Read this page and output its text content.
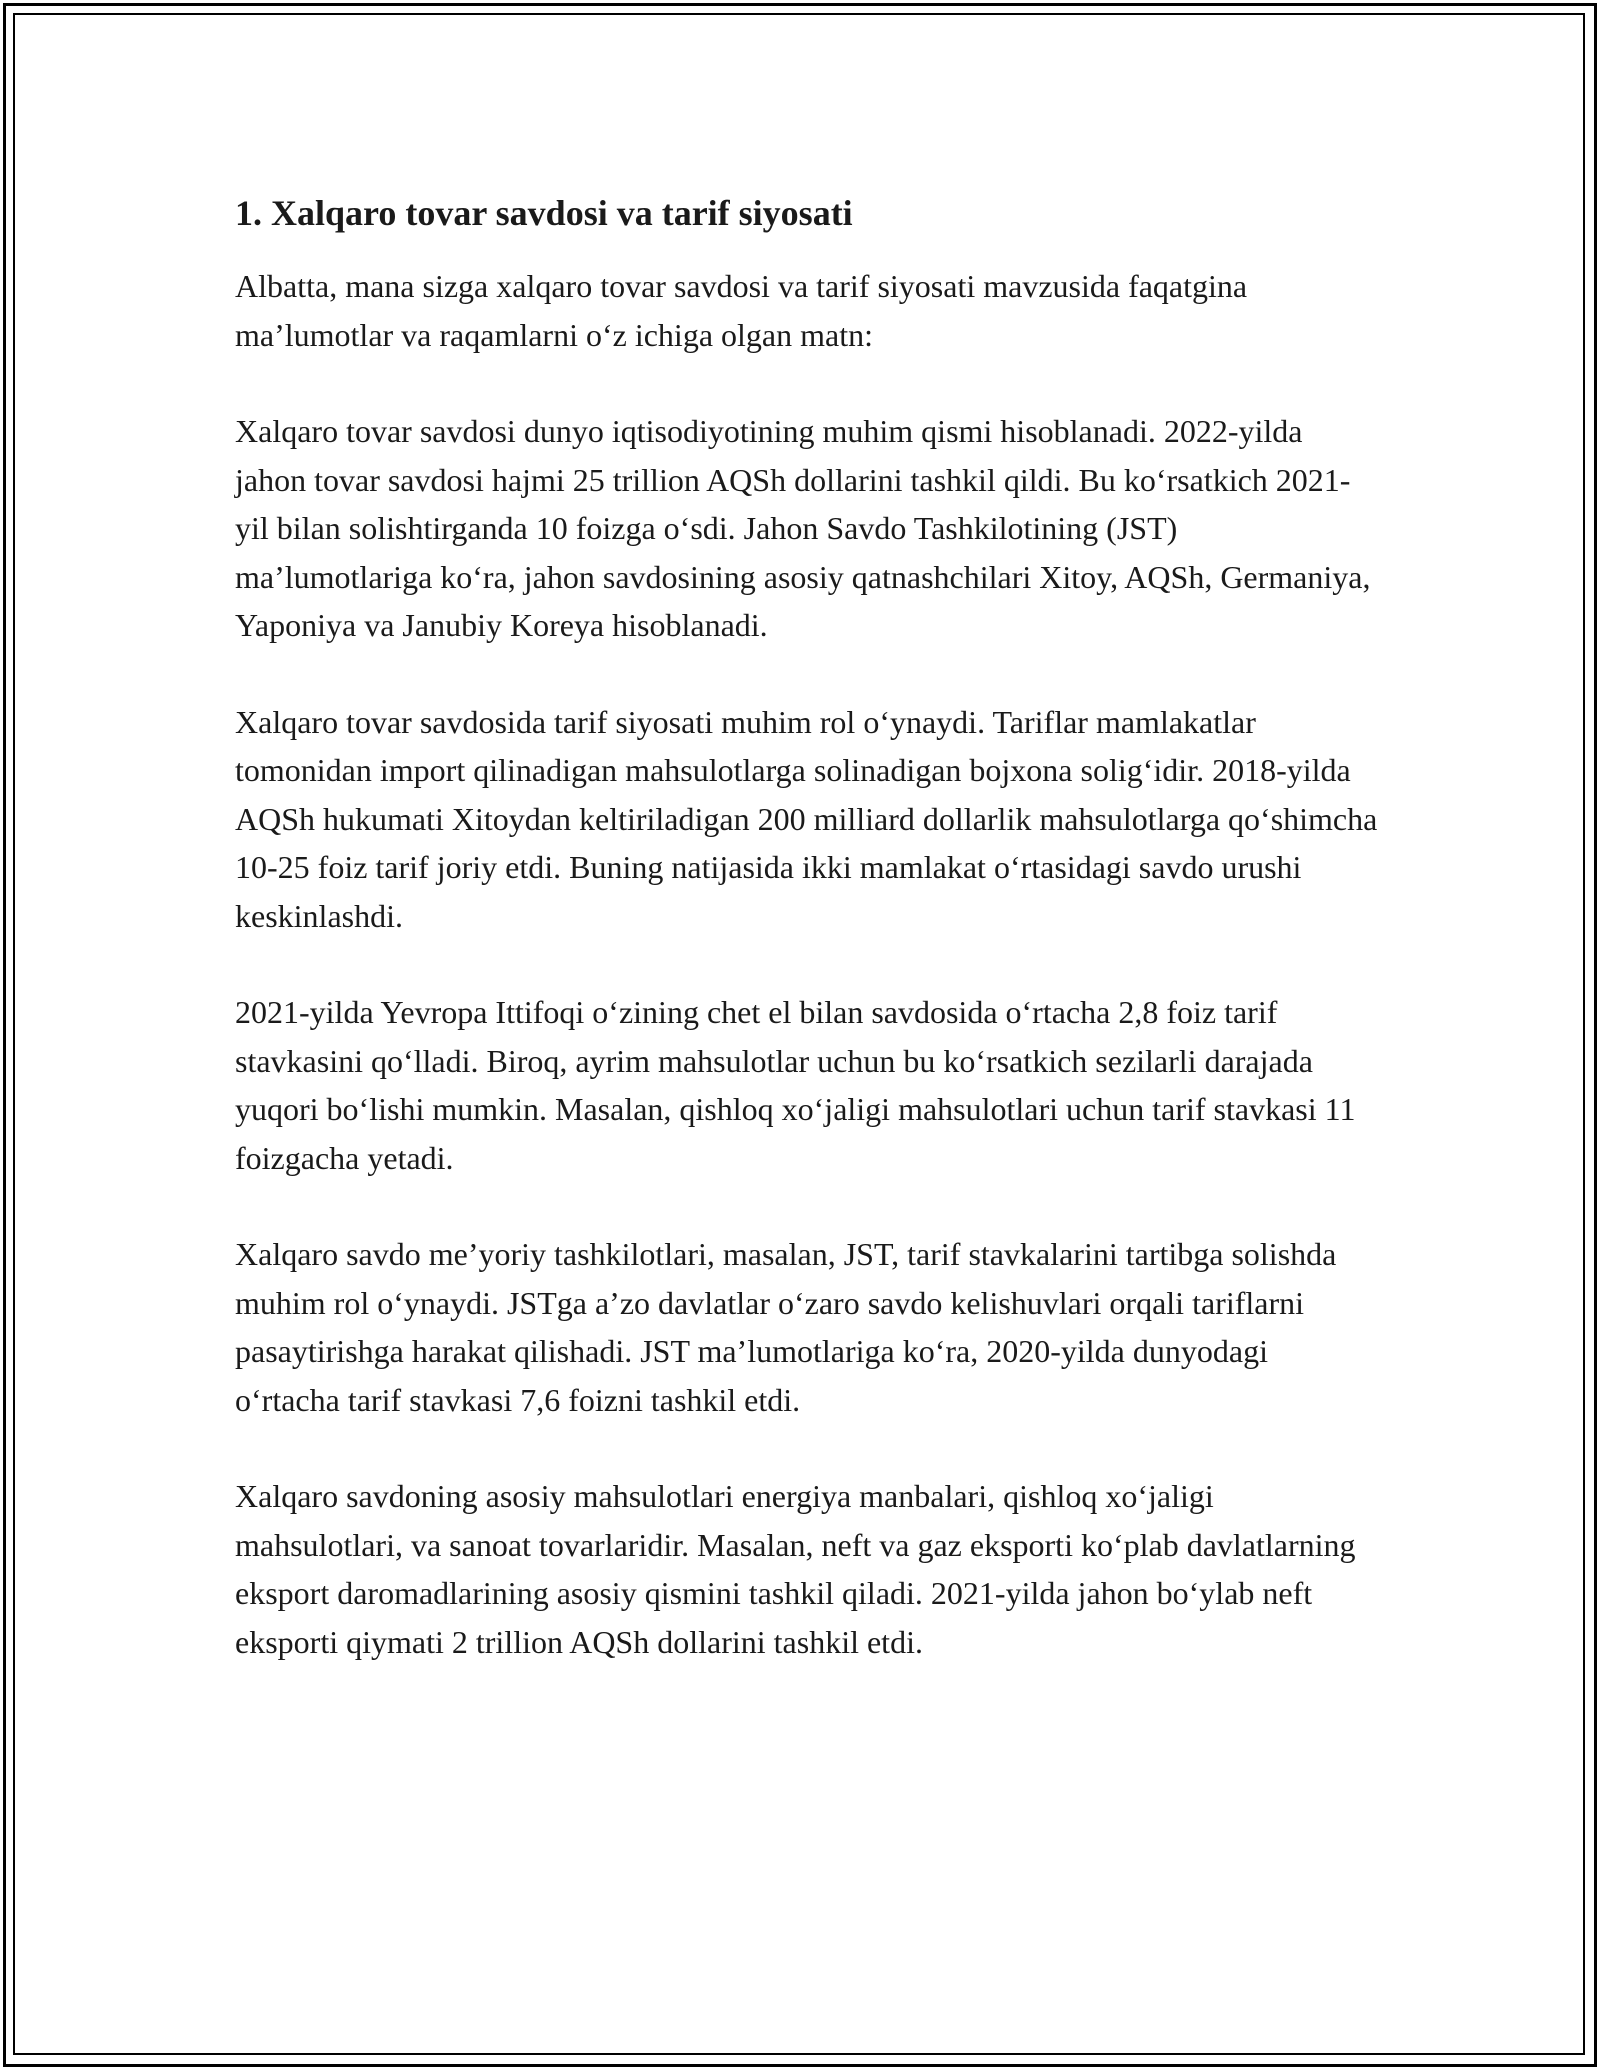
1. Xalqaro tovar savdosi va tarif siyosati

Albatta, mana sizga xalqaro tovar savdosi va tarif siyosati mavzusida faqatgina ma’lumotlar va raqamlarni o‘z ichiga olgan matn:

Xalqaro tovar savdosi dunyo iqtisodiyotining muhim qismi hisoblanadi. 2022-yilda jahon tovar savdosi hajmi 25 trillion AQSh dollarini tashkil qildi. Bu ko‘rsatkich 2021-yil bilan solishtirganda 10 foizga o‘sdi. Jahon Savdo Tashkilotining (JST) ma’lumotlariga ko‘ra, jahon savdosining asosiy qatnashchilari Xitoy, AQSh, Germaniya, Yaponiya va Janubiy Koreya hisoblanadi.

Xalqaro tovar savdosida tarif siyosati muhim rol o‘ynaydi. Tariflar mamlakatlar tomonidan import qilinadigan mahsulotlarga solinadigan bojxona solig‘idir. 2018-yilda AQSh hukumati Xitoydan keltiriladigan 200 milliard dollarlik mahsulotlarga qo‘shimcha 10-25 foiz tarif joriy etdi. Buning natijasida ikki mamlakat o‘rtasidagi savdo urushi keskinlashdi.

2021-yilda Yevropa Ittifoqi o‘zining chet el bilan savdosida o‘rtacha 2,8 foiz tarif stavkasini qo‘lladi. Biroq, ayrim mahsulotlar uchun bu ko‘rsatkich sezilarli darajada yuqori bo‘lishi mumkin. Masalan, qishloq xo‘jaligi mahsulotlari uchun tarif stavkasi 11 foizgacha yetadi.

Xalqaro savdo me’yoriy tashkilotlari, masalan, JST, tarif stavkalarini tartibga solishda muhim rol o‘ynaydi. JSTga a’zo davlatlar o‘zaro savdo kelishuvlari orqali tariflarni pasaytirishga harakat qilishadi. JST ma’lumotlariga ko‘ra, 2020-yilda dunyodagi o‘rtacha tarif stavkasi 7,6 foizni tashkil etdi.

Xalqaro savdoning asosiy mahsulotlari energiya manbalari, qishloq xo‘jaligi mahsulotlari, va sanoat tovarlaridir. Masalan, neft va gaz eksporti ko‘plab davlatlarning eksport daromadlarining asosiy qismini tashkil qiladi. 2021-yilda jahon bo‘ylab neft eksporti qiymati 2 trillion AQSh dollarini tashkil etdi.
